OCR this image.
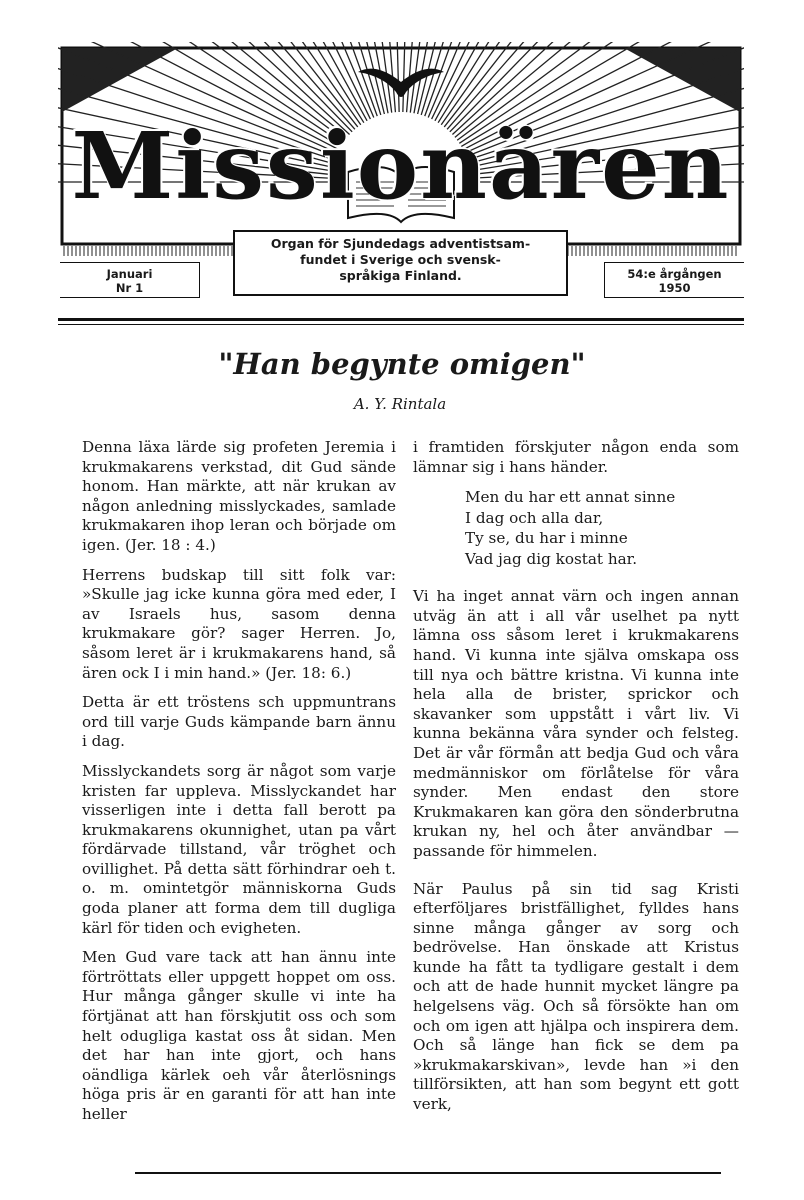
Missionären
Organ för Sjundedags adventistsam-
fundet i Sverige och svensk-
språkiga Finland.
Januari
Nr 1
54:e årgången
1950
"Han begynte omigen"
A. Y. Rintala

Denna läxa lärde sig profeten Jeremia i krukmakarens verkstad, dit Gud sände honom. Han märkte, att när krukan av någon anledning misslyckades, samlade krukmakaren ihop leran och började om igen. (Jer. 18 : 4.)

Herrens budskap till sitt folk var: »Skulle jag icke kunna göra med eder, I av Israels hus, sasom denna krukmakare gör? sager Herren. Jo, såsom leret är i krukmakarens hand, så ären ock I i min hand.» (Jer. 18: 6.)

Detta är ett tröstens sch uppmuntrans ord till varje Guds kämpande barn ännu i dag.

Misslyckandets sorg är något som varje kristen far uppleva. Misslyckandet har visserligen inte i detta fall berott pa krukmakarens okunnighet, utan pa vårt fördärvade tillstand, vår tröghet och ovillighet. På detta sätt förhindrar oeh t. o. m. omintetgör människorna Guds goda planer att forma dem till dugliga kärl för tiden och evigheten.

Men Gud vare tack att han ännu inte förtröttats eller uppgett hoppet om oss. Hur många gånger skulle vi inte ha förtjänat att han förskjutit oss och som helt odugliga kastat oss åt sidan. Men det har han inte gjort, och hans oändliga kärlek oeh vår återlösnings höga pris är en garanti för att han inte heller

i framtiden förskjuter någon enda som lämnar sig i hans händer.

Men du har ett annat sinne
I dag och alla dar,
Ty se, du har i minne
Vad jag dig kostat har.

Vi ha inget annat värn och ingen annan utväg än att i all vår uselhet pa nytt lämna oss såsom leret i krukmakarens hand. Vi kunna inte själva omskapa oss till nya och bättre kristna. Vi kunna inte hela alla de brister, sprickor och skavanker som uppstått i vårt liv. Vi kunna bekänna våra synder och felsteg. Det är vår förmån att bedja Gud och våra medmänniskor om förlåtelse för våra synder. Men endast den store Krukmakaren kan göra den sönderbrutna krukan ny, hel och åter användbar — passande för himmelen.

När Paulus på sin tid sag Kristi efterföljares bristfällighet, fylldes hans sinne många gånger av sorg och bedrövelse. Han önskade att Kristus kunde ha fått ta tydligare gestalt i dem och att de hade hunnit mycket längre pa helgelsens väg. Och så försökte han om och om igen att hjälpa och inspirera dem. Och så länge han fick se dem pa »krukmakarskivan», levde han »i den tillförsikten, att han som begynt ett gott verk,
